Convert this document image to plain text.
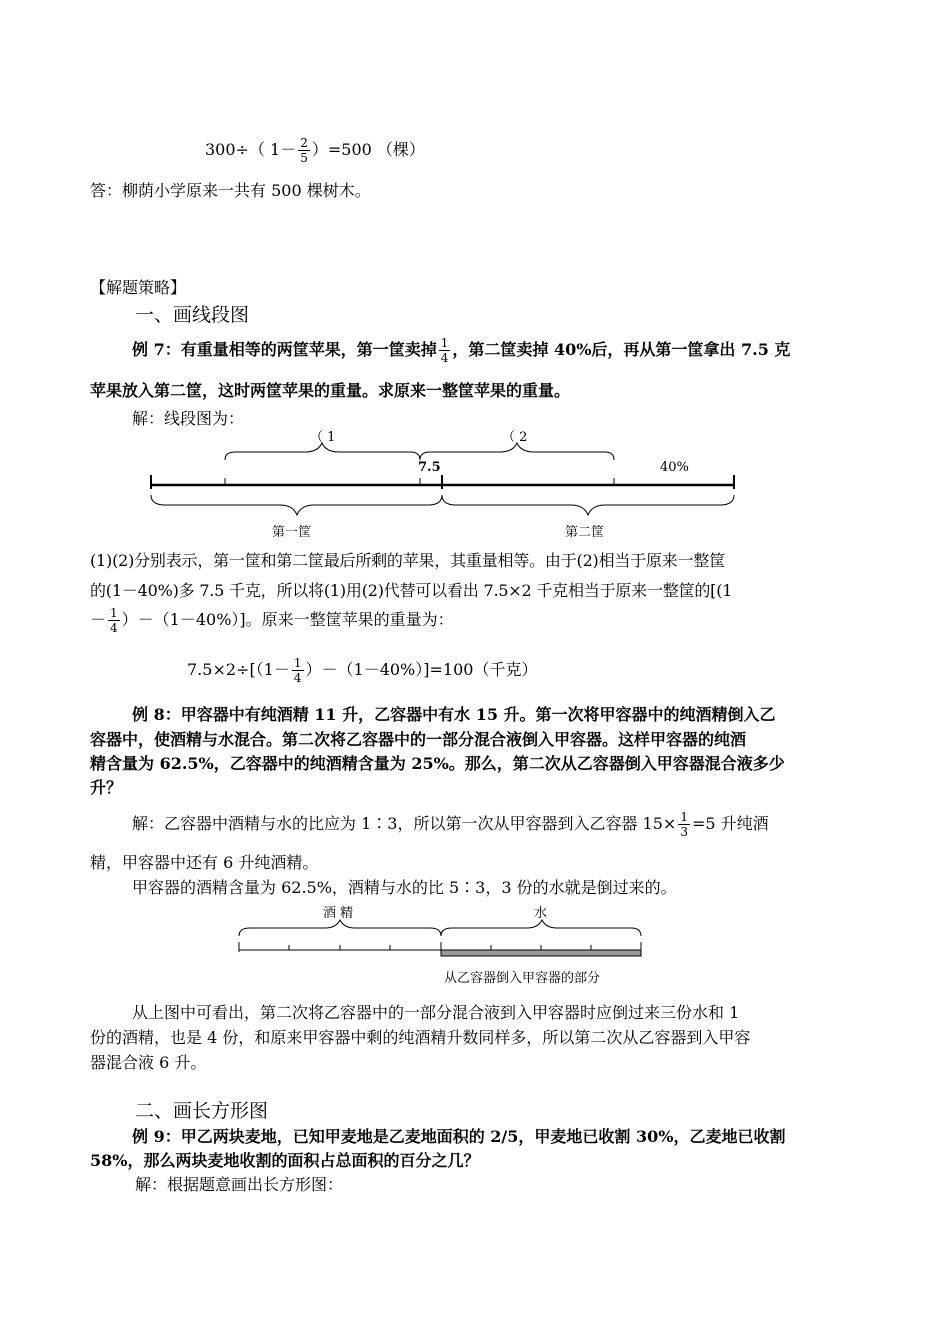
300÷（ $1- \frac{2}{5} )=500$ （棵）
答：柳荫小学原来一共有 500 棵树木。
【解题策略】
一、画线段图
例 7：有重量相等的两筐苹果，第一筐卖掉 $\frac{1}{4}$ ，第二筐卖掉 40%后，再从第一筐拿出 7.5 克
苹果放入第二筐，这时两筐苹果的重量。求原来一整筐苹果的重量。
解：线段图为：
（ 1	（ 2
7.5	40%
第一筐	第二筐
(1)(2)分别表示，第一筐和第二筐最后所剩的苹果，其重量相等。由于(2)相当于原来一整筐
的(1－40%)多 7.5 千克，所以将(1)用(2)代替可以看出 7.5×2 千克相当于原来一整筐的[(1
－ $\frac{1}{4} )-(1-40\%)$]。原来一整筐苹果的重量为：
$7.5\times 2\div[(1- \frac{1}{4} )-(1-40\%)]=100$（千克）
例 8：甲容器中有纯酒精 11 升，乙容器中有水 15 升。第一次将甲容器中的纯酒精倒入乙
容器中，使酒精与水混合。第二次将乙容器中的一部分混合液倒入甲容器。这样甲容器的纯酒
精含量为 62.5%，乙容器中的纯酒精含量为 25%。那么，第二次从乙容器倒入甲容器混合液多少
升？
解：乙容器中酒精与水的比应为 1∶3，所以第一次从甲容器到入乙容器 $15\times \frac{1}{3} =5$ 升纯酒
精，甲容器中还有 6 升纯酒精。
甲容器的酒精含量为 62.5%，酒精与水的比 5∶3，3 份的水就是倒过来的。
酒 精	水
从乙容器倒入甲容器的部分
从上图中可看出，第二次将乙容器中的一部分混合液到入甲容器时应倒过来三份水和 1
份的酒精，也是 4 份，和原来甲容器中剩的纯酒精升数同样多，所以第二次从乙容器到入甲容
器混合液 6 升。
二、画长方形图
例 9：甲乙两块麦地，已知甲麦地是乙麦地面积的 2/5，甲麦地已收割 30%，乙麦地已收割
58%，那么两块麦地收割的面积占总面积的百分之几？
解：根据题意画出长方形图：
